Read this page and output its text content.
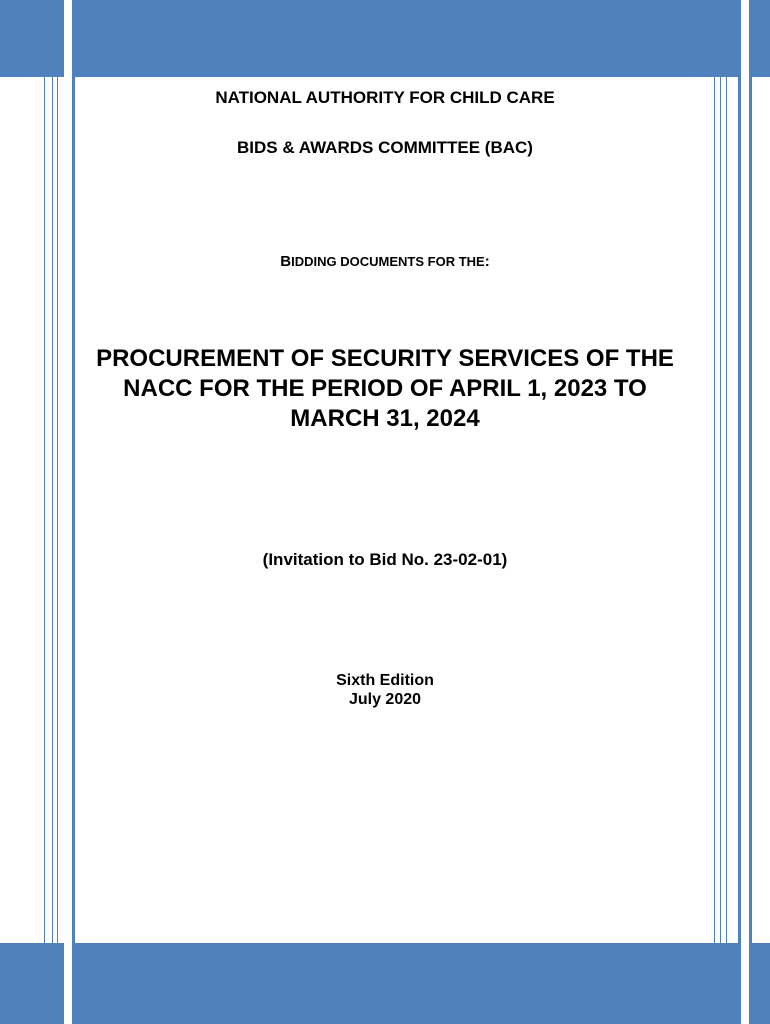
NATIONAL AUTHORITY FOR CHILD CARE
BIDS & AWARDS COMMITTEE (BAC)
BIDDING DOCUMENTS FOR THE:
PROCUREMENT OF SECURITY SERVICES OF THE NACC FOR THE PERIOD OF APRIL 1, 2023 TO MARCH 31, 2024
(Invitation to Bid No. 23-02-01)
Sixth Edition
July 2020
